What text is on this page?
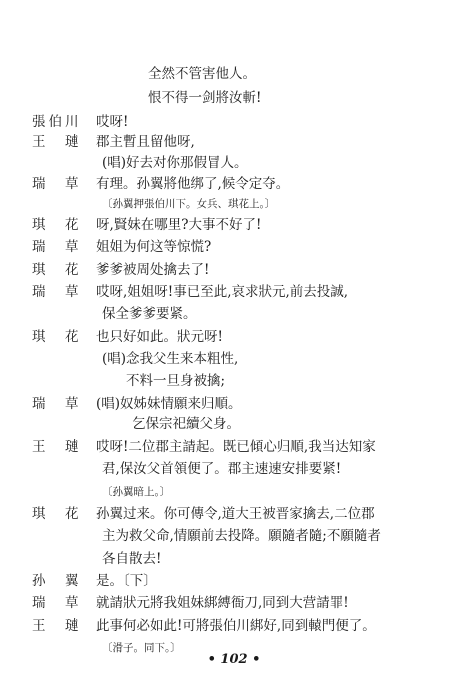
全然不管害他人。
恨不得一剑將汝斬!
張伯川	哎呀!
王　璉	郡主暫且留他呀,
(唱)好去对你那假冒人。
瑞　草	有理。孙翼將他绑了,候令定夺。
〔孙翼押張伯川下。女兵、琪花上。〕
琪　花	呀,賢妹在哪里?大事不好了!
瑞　草	姐姐为何这等惊慌?
琪　花	爹爹被周处擒去了!
瑞　草	哎呀,姐姐呀!事已至此,哀求狀元,前去投誠,
保全爹爹要紧。
琪　花	也只好如此。狀元呀!
(唱)念我父生来本粗性,
不料一旦身被擒;
瑞　草	(唱)奴姊妹情願来归順。
乞保宗祀續父身。
王　璉	哎呀!二位郡主請起。既已傾心归順,我当达知家
君,保汝父首領便了。郡主速速安排要紧!
〔孙翼暗上。〕
琪　花	孙翼过来。你可傳令,道大王被晋家擒去,二位郡
主为救父命,情願前去投降。願隨者隨;不願隨者
各自散去!
孙　翼	是。〔下〕
瑞　草	就請狀元將我姐妹綁縛衙刀,同到大营請罪!
王　璉	此事何必如此!可將張伯川綁好,同到轅門便了。
〔滑子。同下。〕
• 102 •
